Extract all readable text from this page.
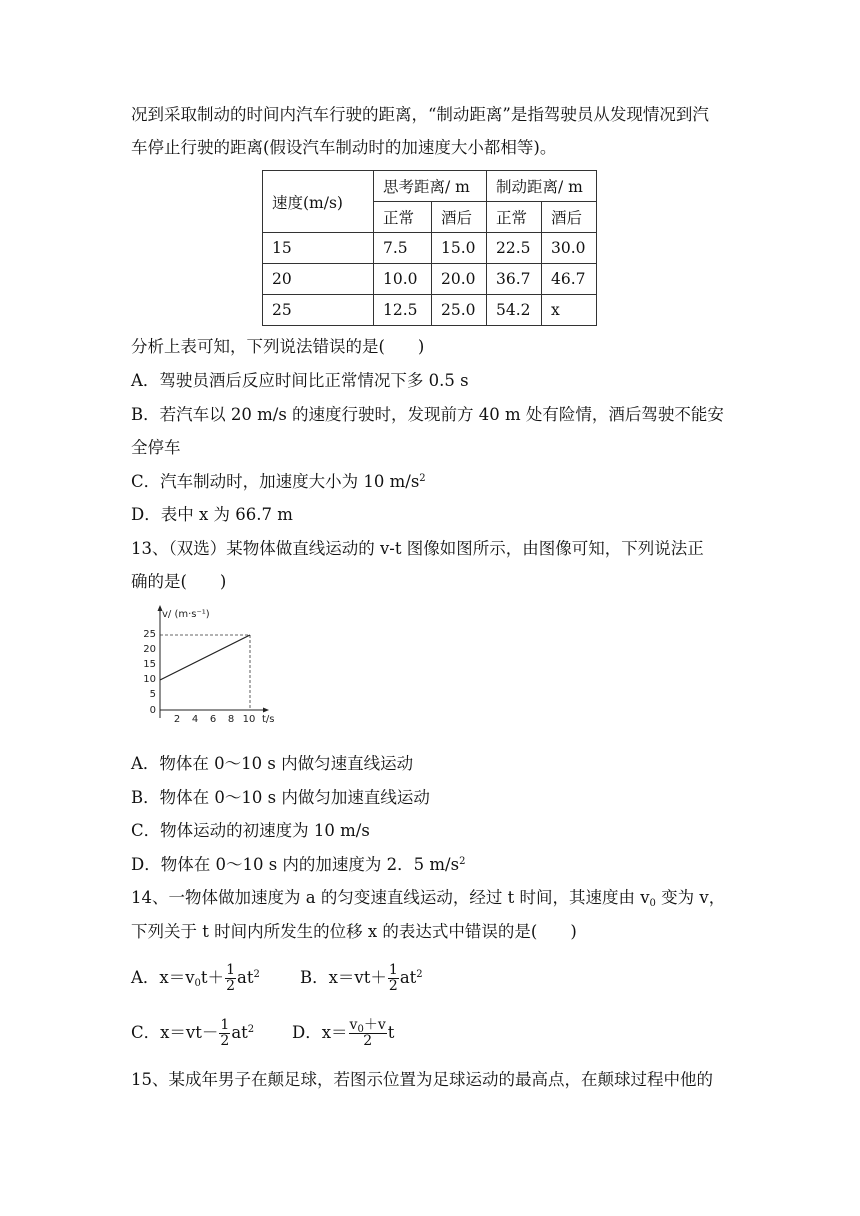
况到采取制动的时间内汽车行驶的距离，“制动距离”是指驾驶员从发现情况到汽
车停止行驶的距离(假设汽车制动时的加速度大小都相等)。
速度(m/s)	思考距离/ m		制动距离/ m	
	正常	酒后	正常	酒后
15	7.5	15.0	22.5	30.0
20	10.0	20.0	36.7	46.7
25	12.5	25.0	54.2	x
分析上表可知，下列说法错误的是(　　)
A．驾驶员酒后反应时间比正常情况下多 0.5 s
B．若汽车以 20 m/s 的速度行驶时，发现前方 40 m 处有险情，酒后驾驶不能安
全停车
C．汽车制动时，加速度大小为 10 $m/s^2$
D．表中 x 为 66.7 m
13、（双选）某物体做直线运动的 v-t 图像如图所示，由图像可知，下列说法正
确的是(　　)
v/ (m·s⁻¹)
t/s
25
20
15
10
5
0
2 4 6 8 10
A．物体在 0～10 s 内做匀速直线运动
B．物体在 0～10 s 内做匀加速直线运动
C．物体运动的初速度为 10 m/s
D．物体在 0～10 s 内的加速度为 2．5 $m/s^2$
14、一物体做加速度为 a 的匀变速直线运动，经过 t 时间，其速度由 $v_0$ 变为 v，
下列关于 t 时间内所发生的位移 x 的表达式中错误的是(　　)
A．$x=v_0t+ \frac{1}{2} at^2$ B．$x=vt+ \frac{1}{2} at^2$
C．$x=vt- \frac{1}{2} at^2$ D．$x= \frac{v_0+v}{2}$ t
15、某成年男子在颠足球，若图示位置为足球运动的最高点，在颠球过程中他的
